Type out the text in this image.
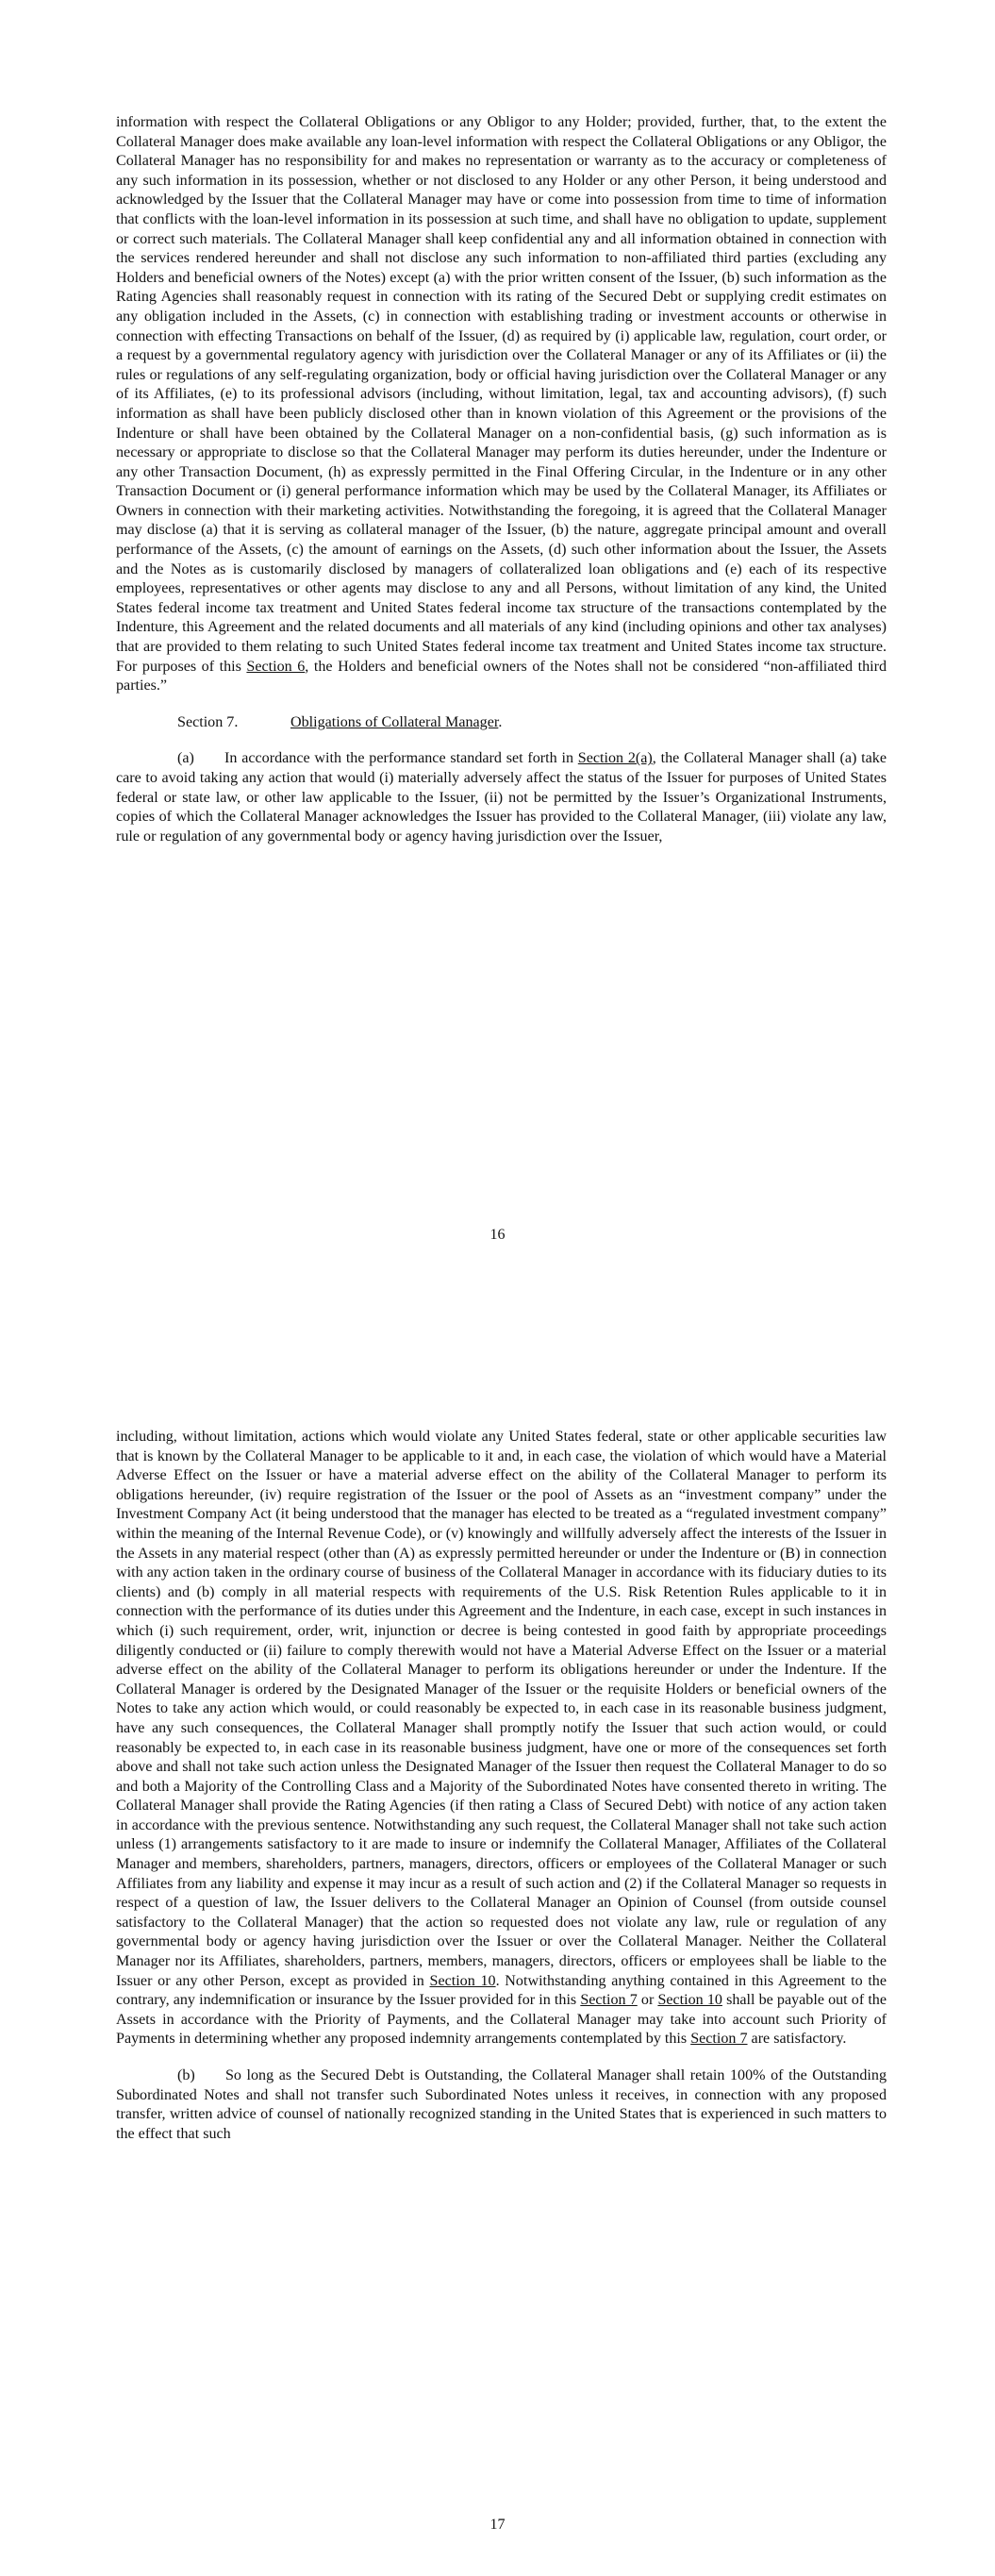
information with respect the Collateral Obligations or any Obligor to any Holder; provided, further, that, to the extent the Collateral Manager does make available any loan-level information with respect the Collateral Obligations or any Obligor, the Collateral Manager has no responsibility for and makes no representation or warranty as to the accuracy or completeness of any such information in its possession, whether or not disclosed to any Holder or any other Person, it being understood and acknowledged by the Issuer that the Collateral Manager may have or come into possession from time to time of information that conflicts with the loan-level information in its possession at such time, and shall have no obligation to update, supplement or correct such materials. The Collateral Manager shall keep confidential any and all information obtained in connection with the services rendered hereunder and shall not disclose any such information to non-affiliated third parties (excluding any Holders and beneficial owners of the Notes) except (a) with the prior written consent of the Issuer, (b) such information as the Rating Agencies shall reasonably request in connection with its rating of the Secured Debt or supplying credit estimates on any obligation included in the Assets, (c) in connection with establishing trading or investment accounts or otherwise in connection with effecting Transactions on behalf of the Issuer, (d) as required by (i) applicable law, regulation, court order, or a request by a governmental regulatory agency with jurisdiction over the Collateral Manager or any of its Affiliates or (ii) the rules or regulations of any self-regulating organization, body or official having jurisdiction over the Collateral Manager or any of its Affiliates, (e) to its professional advisors (including, without limitation, legal, tax and accounting advisors), (f) such information as shall have been publicly disclosed other than in known violation of this Agreement or the provisions of the Indenture or shall have been obtained by the Collateral Manager on a non-confidential basis, (g) such information as is necessary or appropriate to disclose so that the Collateral Manager may perform its duties hereunder, under the Indenture or any other Transaction Document, (h) as expressly permitted in the Final Offering Circular, in the Indenture or in any other Transaction Document or (i) general performance information which may be used by the Collateral Manager, its Affiliates or Owners in connection with their marketing activities. Notwithstanding the foregoing, it is agreed that the Collateral Manager may disclose (a) that it is serving as collateral manager of the Issuer, (b) the nature, aggregate principal amount and overall performance of the Assets, (c) the amount of earnings on the Assets, (d) such other information about the Issuer, the Assets and the Notes as is customarily disclosed by managers of collateralized loan obligations and (e) each of its respective employees, representatives or other agents may disclose to any and all Persons, without limitation of any kind, the United States federal income tax treatment and United States federal income tax structure of the transactions contemplated by the Indenture, this Agreement and the related documents and all materials of any kind (including opinions and other tax analyses) that are provided to them relating to such United States federal income tax treatment and United States income tax structure. For purposes of this Section 6, the Holders and beneficial owners of the Notes shall not be considered “non-affiliated third parties.”

Section 7.	Obligations of Collateral Manager.

(a)  In accordance with the performance standard set forth in Section 2(a), the Collateral Manager shall (a) take care to avoid taking any action that would (i) materially adversely affect the status of the Issuer for purposes of United States federal or state law, or other law applicable to the Issuer, (ii) not be permitted by the Issuer’s Organizational Instruments, copies of which the Collateral Manager acknowledges the Issuer has provided to the Collateral Manager, (iii) violate any law, rule or regulation of any governmental body or agency having jurisdiction over the Issuer,

16

including, without limitation, actions which would violate any United States federal, state or other applicable securities law that is known by the Collateral Manager to be applicable to it and, in each case, the violation of which would have a Material Adverse Effect on the Issuer or have a material adverse effect on the ability of the Collateral Manager to perform its obligations hereunder, (iv) require registration of the Issuer or the pool of Assets as an “investment company” under the Investment Company Act (it being understood that the manager has elected to be treated as a “regulated investment company” within the meaning of the Internal Revenue Code), or (v) knowingly and willfully adversely affect the interests of the Issuer in the Assets in any material respect (other than (A) as expressly permitted hereunder or under the Indenture or (B) in connection with any action taken in the ordinary course of business of the Collateral Manager in accordance with its fiduciary duties to its clients) and (b) comply in all material respects with requirements of the U.S. Risk Retention Rules applicable to it in connection with the performance of its duties under this Agreement and the Indenture, in each case, except in such instances in which (i) such requirement, order, writ, injunction or decree is being contested in good faith by appropriate proceedings diligently conducted or (ii) failure to comply therewith would not have a Material Adverse Effect on the Issuer or a material adverse effect on the ability of the Collateral Manager to perform its obligations hereunder or under the Indenture. If the Collateral Manager is ordered by the Designated Manager of the Issuer or the requisite Holders or beneficial owners of the Notes to take any action which would, or could reasonably be expected to, in each case in its reasonable business judgment, have any such consequences, the Collateral Manager shall promptly notify the Issuer that such action would, or could reasonably be expected to, in each case in its reasonable business judgment, have one or more of the consequences set forth above and shall not take such action unless the Designated Manager of the Issuer then request the Collateral Manager to do so and both a Majority of the Controlling Class and a Majority of the Subordinated Notes have consented thereto in writing. The Collateral Manager shall provide the Rating Agencies (if then rating a Class of Secured Debt) with notice of any action taken in accordance with the previous sentence. Notwithstanding any such request, the Collateral Manager shall not take such action unless (1) arrangements satisfactory to it are made to insure or indemnify the Collateral Manager, Affiliates of the Collateral Manager and members, shareholders, partners, managers, directors, officers or employees of the Collateral Manager or such Affiliates from any liability and expense it may incur as a result of such action and (2) if the Collateral Manager so requests in respect of a question of law, the Issuer delivers to the Collateral Manager an Opinion of Counsel (from outside counsel satisfactory to the Collateral Manager) that the action so requested does not violate any law, rule or regulation of any governmental body or agency having jurisdiction over the Issuer or over the Collateral Manager. Neither the Collateral Manager nor its Affiliates, shareholders, partners, members, managers, directors, officers or employees shall be liable to the Issuer or any other Person, except as provided in Section 10. Notwithstanding anything contained in this Agreement to the contrary, any indemnification or insurance by the Issuer provided for in this Section 7 or Section 10 shall be payable out of the Assets in accordance with the Priority of Payments, and the Collateral Manager may take into account such Priority of Payments in determining whether any proposed indemnity arrangements contemplated by this Section 7 are satisfactory.

(b)  So long as the Secured Debt is Outstanding, the Collateral Manager shall retain 100% of the Outstanding Subordinated Notes and shall not transfer such Subordinated Notes unless it receives, in connection with any proposed transfer, written advice of counsel of nationally recognized standing in the United States that is experienced in such matters to the effect that such

17
